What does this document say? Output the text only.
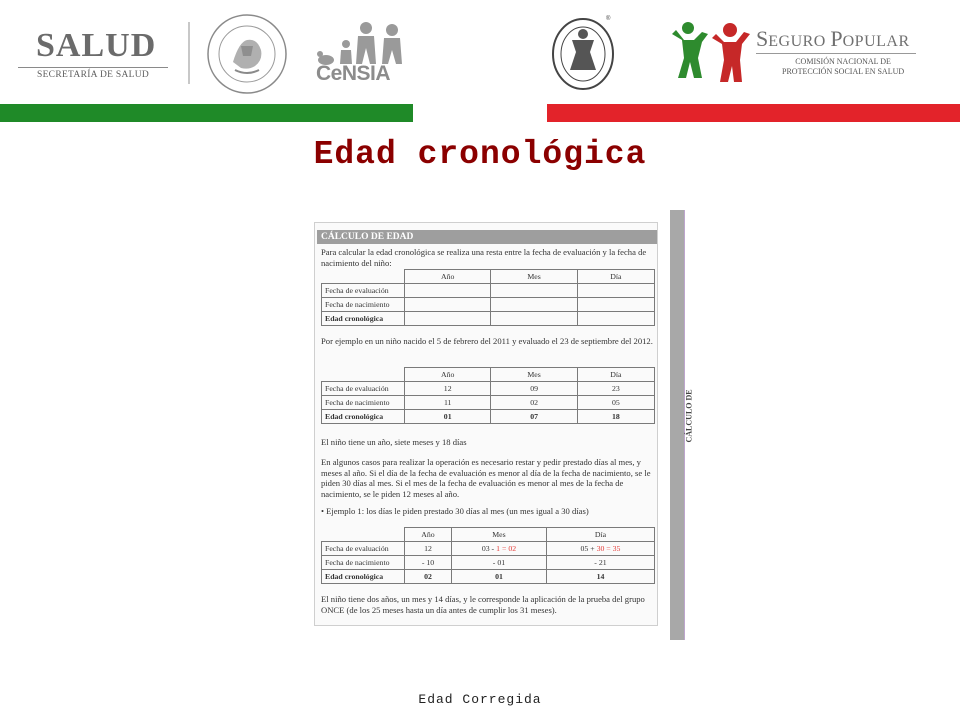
SALUD
SECRETARÍA DE SALUD	CeNSIA
®
SEGURO POPULAR
COMISIÓN NACIONAL DE
PROTECCIÓN SOCIAL EN SALUD
Edad cronológica
CÁLCULO DE EDAD

Para calcular la edad cronológica se realiza una resta entre la fecha de evaluación y la fecha de nacimiento del niño:

	Año	Mes	Día
Fecha de evaluación			
Fecha de nacimiento			
Edad cronológica			

Por ejemplo en un niño nacido el 5 de febrero del 2011 y evaluado el 23 de septiembre del 2012.

	Año	Mes	Día
Fecha de evaluación	12	09	23
Fecha de nacimiento	11	02	05
Edad cronológica	01	07	18

El niño tiene un año, siete meses y 18 días

En algunos casos para realizar la operación es necesario restar y pedir prestado días al mes, y meses al año. Si el día de la fecha de evaluación es menor al día de la fecha de nacimiento, se le piden 30 días al mes. Si el mes de la fecha de evaluación es menor al mes de la fecha de nacimiento, se le piden 12 meses al año.

• Ejemplo 1: los días le piden prestado 30 días al mes (un mes igual a 30 días)

	Año	Mes	Día
Fecha de evaluación	12	03 - 1 = 02	05 + 30 = 35
Fecha de nacimiento	- 10	- 01	- 21
Edad cronológica	02	01	14

El niño tiene dos años, un mes y 14 días, y le corresponde la aplicación de la prueba del grupo ONCE (de los 25 meses hasta un día antes de cumplir los 31 meses).

CÁLCULO DE
Edad Corregida
